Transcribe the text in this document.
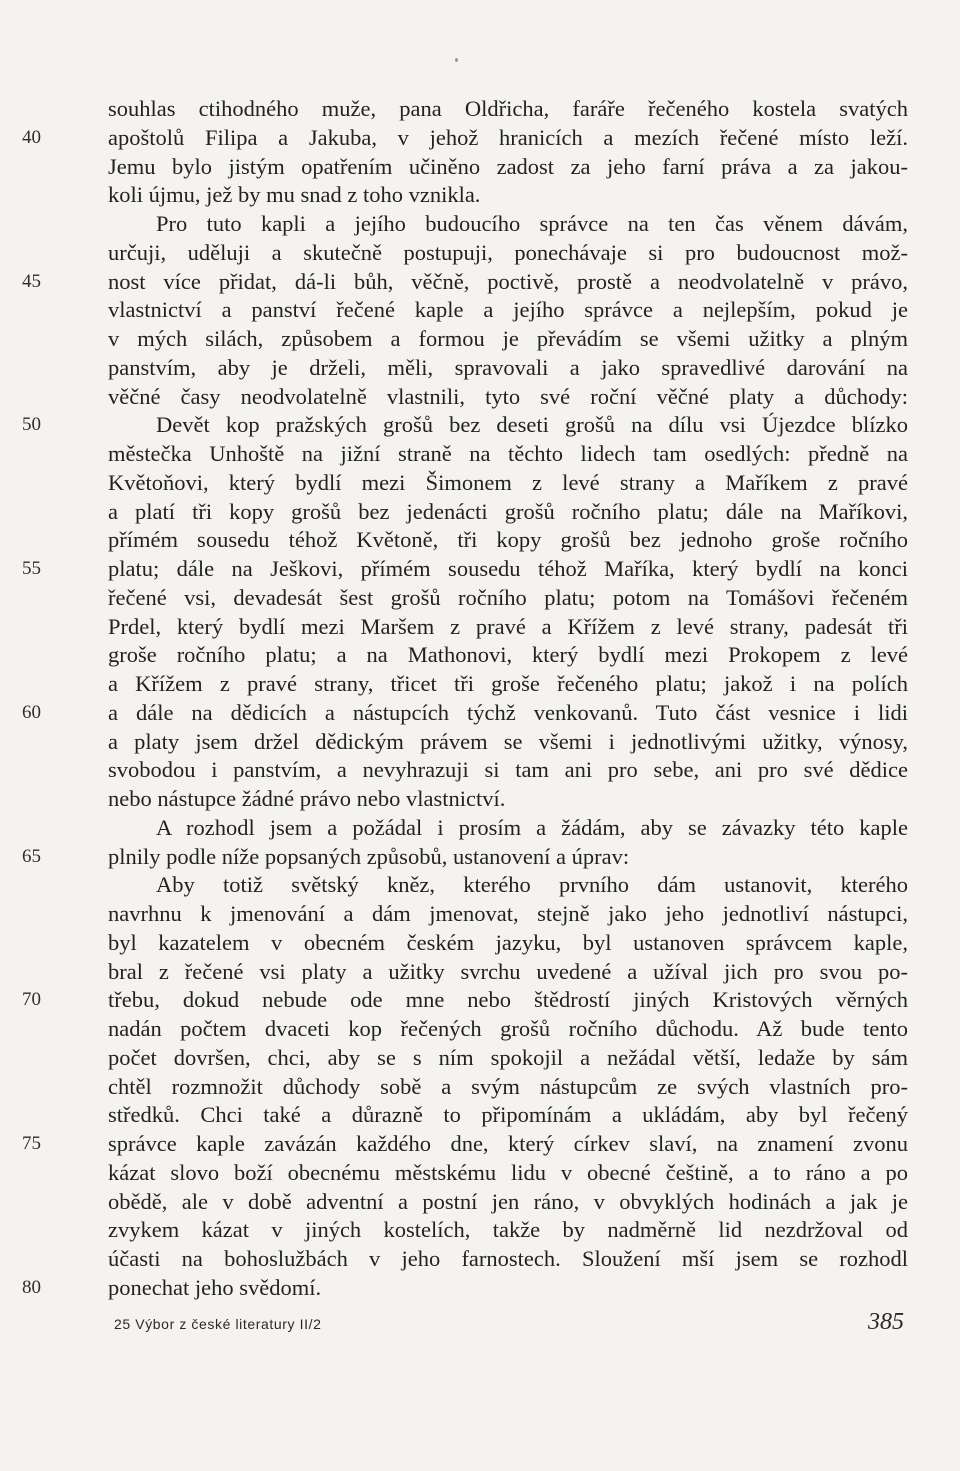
souhlas ctihodného muže, pana Oldřicha, faráře řečeného kostela svatých
40	apoštolů Filipa a Jakuba, v jehož hranicích a mezích řečené místo leží.
Jemu bylo jistým opatřením učiněno zadost za jeho farní práva a za jakou-
koli újmu, jež by mu snad z toho vznikla.
Pro tuto kapli a jejího budoucího správce na ten čas věnem dávám,
určuji, uděluji a skutečně postupuji, ponechávaje si pro budoucnost mož-
45	nost více přidat, dá-li bůh, věčně, poctivě, prostě a neodvolatelně v právo,
vlastnictví a panství řečené kaple a jejího správce a nejlepším, pokud je
v mých silách, způsobem a formou je převádím se všemi užitky a plným
panstvím, aby je drželi, měli, spravovali a jako spravedlivé darování na
věčné časy neodvolatelně vlastnili, tyto své roční věčné platy a důchody:
50	Devět kop pražských grošů bez deseti grošů na dílu vsi Újezdce blízko
městečka Unhoště na jižní straně na těchto lidech tam osedlých: předně na
Květoňovi, který bydlí mezi Šimonem z levé strany a Maříkem z pravé
a platí tři kopy grošů bez jedenácti grošů ročního platu; dále na Maříkovi,
přímém sousedu téhož Květoně, tři kopy grošů bez jednoho groše ročního
55	platu; dále na Ješkovi, přímém sousedu téhož Maříka, který bydlí na konci
řečené vsi, devadesát šest grošů ročního platu; potom na Tomášovi řečeném
Prdel, který bydlí mezi Maršem z pravé a Křížem z levé strany, padesát tři
groše ročního platu; a na Mathonovi, který bydlí mezi Prokopem z levé
a Křížem z pravé strany, třicet tři groše řečeného platu; jakož i na polích
60	a dále na dědicích a nástupcích týchž venkovanů. Tuto část vesnice i lidi
a platy jsem držel dědickým právem se všemi i jednotlivými užitky, výnosy,
svobodou i panstvím, a nevyhrazuji si tam ani pro sebe, ani pro své dědice
nebo nástupce žádné právo nebo vlastnictví.
A rozhodl jsem a požádal i prosím a žádám, aby se závazky této kaple
65	plnily podle níže popsaných způsobů, ustanovení a úprav:
Aby totiž světský kněz, kterého prvního dám ustanovit, kterého
navrhnu k jmenování a dám jmenovat, stejně jako jeho jednotliví nástupci,
byl kazatelem v obecném českém jazyku, byl ustanoven správcem kaple,
bral z řečené vsi platy a užitky svrchu uvedené a užíval jich pro svou po-
70	třebu, dokud nebude ode mne nebo štědrostí jiných Kristových věrných
nadán počtem dvaceti kop řečených grošů ročního důchodu. Až bude tento
počet dovršen, chci, aby se s ním spokojil a nežádal větší, ledaže by sám
chtěl rozmnožit důchody sobě a svým nástupcům ze svých vlastních pro-
středků. Chci také a důrazně to připomínám a ukládám, aby byl řečený
75	správce kaple zavázán každého dne, který církev slaví, na znamení zvonu
kázat slovo boží obecnému městskému lidu v obecné češtině, a to ráno a po
obědě, ale v době adventní a postní jen ráno, v obvyklých hodinách a jak je
zvykem kázat v jiných kostelích, takže by nadměrně lid nezdržoval od
účasti na bohoslužbách v jeho farnostech. Sloužení mší jsem se rozhodl
80	ponechat jeho svědomí.
25 Výbor z české literatury II/2	385
